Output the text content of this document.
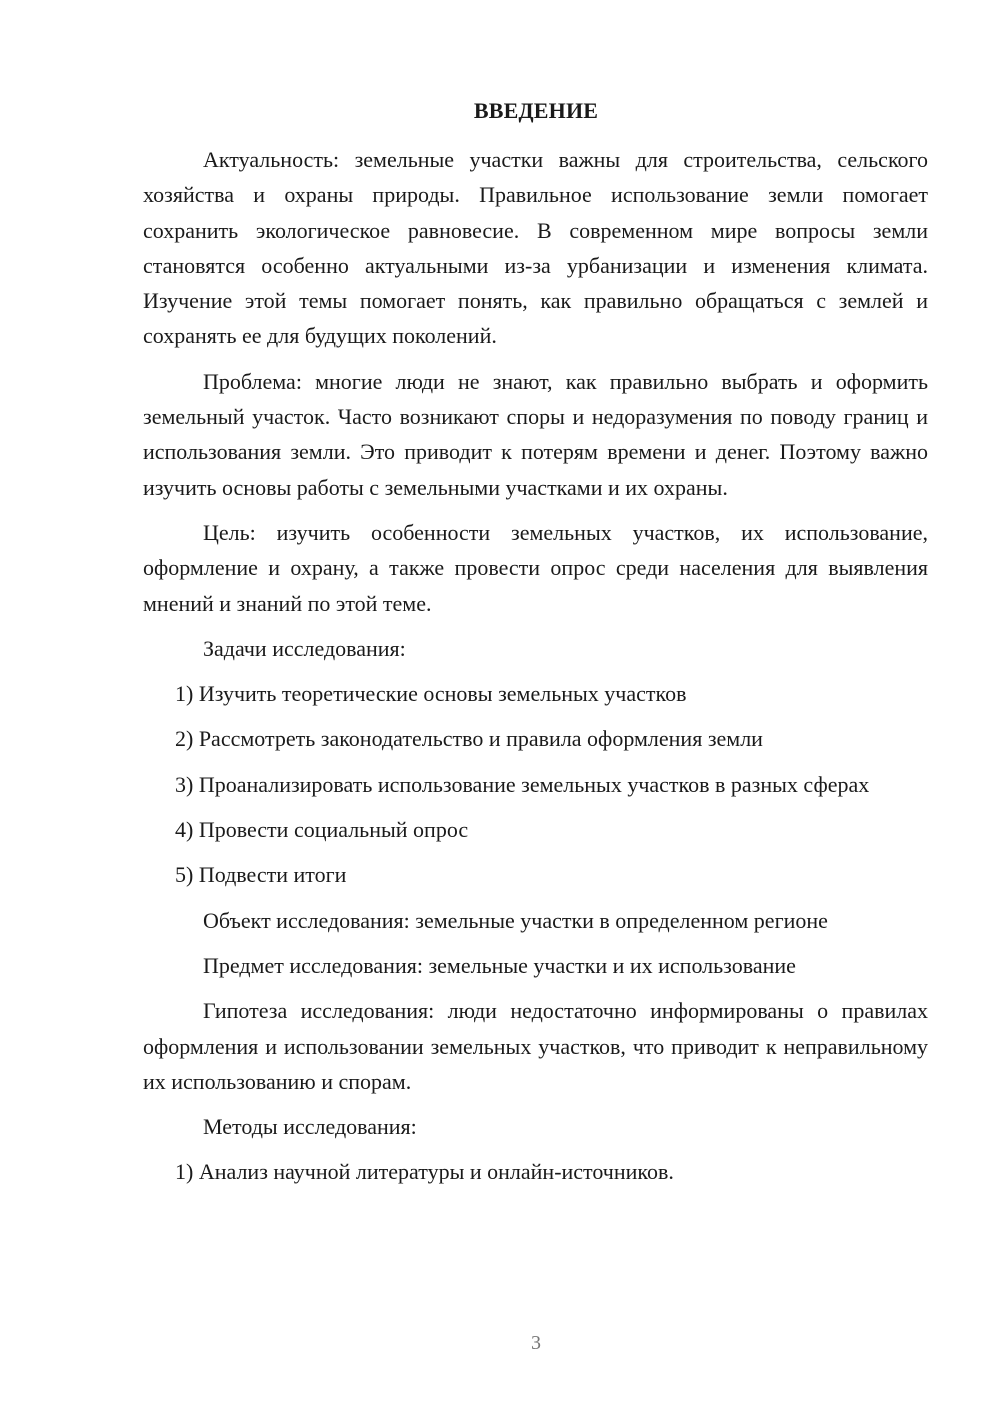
ВВЕДЕНИЕ

Актуальность: земельные участки важны для строительства, сельского хозяйства и охраны природы. Правильное использование земли помогает сохранить экологическое равновесие. В современном мире вопросы земли становятся особенно актуальными из-за урбанизации и изменения климата. Изучение этой темы помогает понять, как правильно обращаться с землей и сохранять ее для будущих поколений.

Проблема: многие люди не знают, как правильно выбрать и оформить земельный участок. Часто возникают споры и недоразумения по поводу границ и использования земли. Это приводит к потерям времени и денег. Поэтому важно изучить основы работы с земельными участками и их охраны.

Цель: изучить особенности земельных участков, их использование, оформление и охрану, а также провести опрос среди населения для выявления мнений и знаний по этой теме.

Задачи исследования:

1) Изучить теоретические основы земельных участков

2) Рассмотреть законодательство и правила оформления земли

3) Проанализировать использование земельных участков в разных сферах

4) Провести социальный опрос

5) Подвести итоги

Объект исследования: земельные участки в определенном регионе

Предмет исследования: земельные участки и их использование

Гипотеза исследования: люди недостаточно информированы о правилах оформления и использовании земельных участков, что приводит к неправильному их использованию и спорам.

Методы исследования:

1) Анализ научной литературы и онлайн-источников.

3
